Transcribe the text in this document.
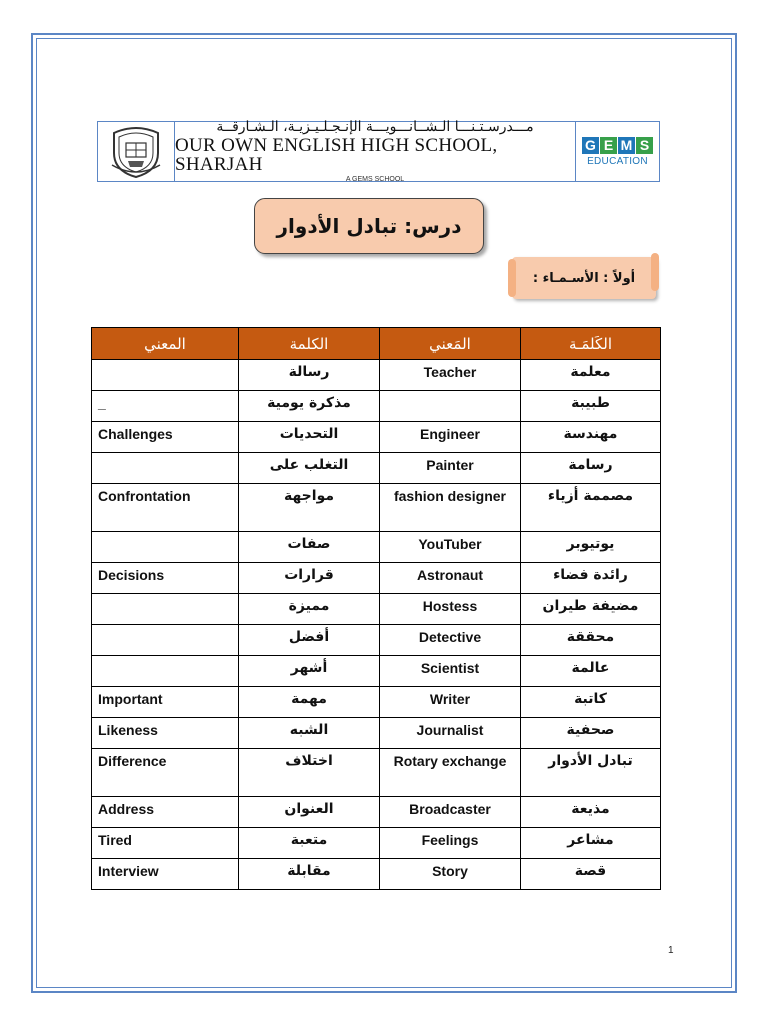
مـــدرسـتـنـــا الـشــانـــويـــة الإنـجـلـيـزيـة، الـشـارقــة
OUR OWN ENGLISH HIGH SCHOOL, SHARJAH
A GEMS SCHOOL
G E M S
EDUCATION
درس: تبادل الأدوار
أولاً : الأسـمـاء :
المعني	الكلمة	المَعني	الكَلمَـة
	رسالة	Teacher	معلمة
_	مذكرة يومية		طبيبة
Challenges	التحديات	Engineer	مهندسة
	التغلب على	Painter	رسامة
Confrontation	مواجهة	fashion designer	مصممة أزياء
	صفات	YouTuber	يوتيوبر
Decisions	قرارات	Astronaut	رائدة فضاء
	مميزة	Hostess	مضيفة طيران
	أفضل	Detective	محققة
	أشهر	Scientist	عالمة
Important	مهمة	Writer	كاتبة
Likeness	الشبه	Journalist	صحفية
Difference	اختلاف	Rotary exchange	تبادل الأدوار
Address	العنوان	Broadcaster	مذيعة
Tired	متعبة	Feelings	مشاعر
Interview	مقابلة	Story	قصة
1
